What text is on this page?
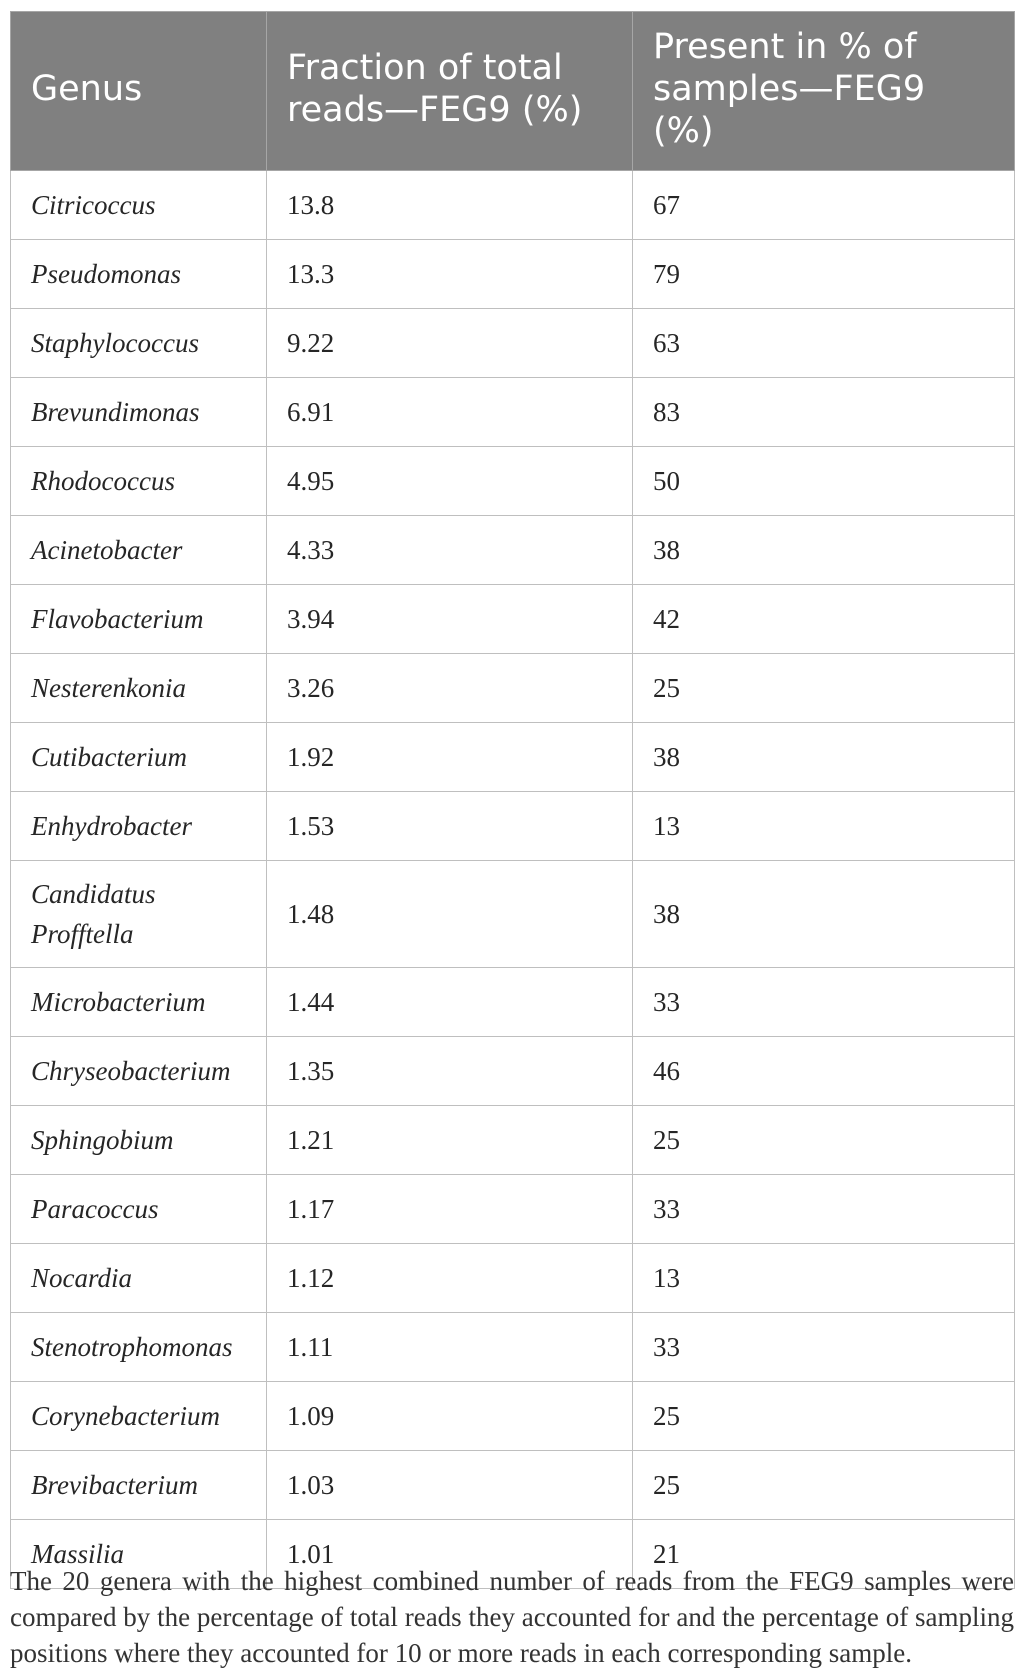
Genus	Fraction of total reads—FEG9 (%)	Present in % of samples—FEG9 (%)
Citricoccus	13.8	67
Pseudomonas	13.3	79
Staphylococcus	9.22	63
Brevundimonas	6.91	83
Rhodococcus	4.95	50
Acinetobacter	4.33	38
Flavobacterium	3.94	42
Nesterenkonia	3.26	25
Cutibacterium	1.92	38
Enhydrobacter	1.53	13
Candidatus Profftella	1.48	38
Microbacterium	1.44	33
Chryseobacterium	1.35	46
Sphingobium	1.21	25
Paracoccus	1.17	33
Nocardia	1.12	13
Stenotrophomonas	1.11	33
Corynebacterium	1.09	25
Brevibacterium	1.03	25
Massilia	1.01	21
The 20 genera with the highest combined number of reads from the FEG9 samples were compared by the percentage of total reads they accounted for and the percentage of sampling positions where they accounted for 10 or more reads in each corresponding sample.
